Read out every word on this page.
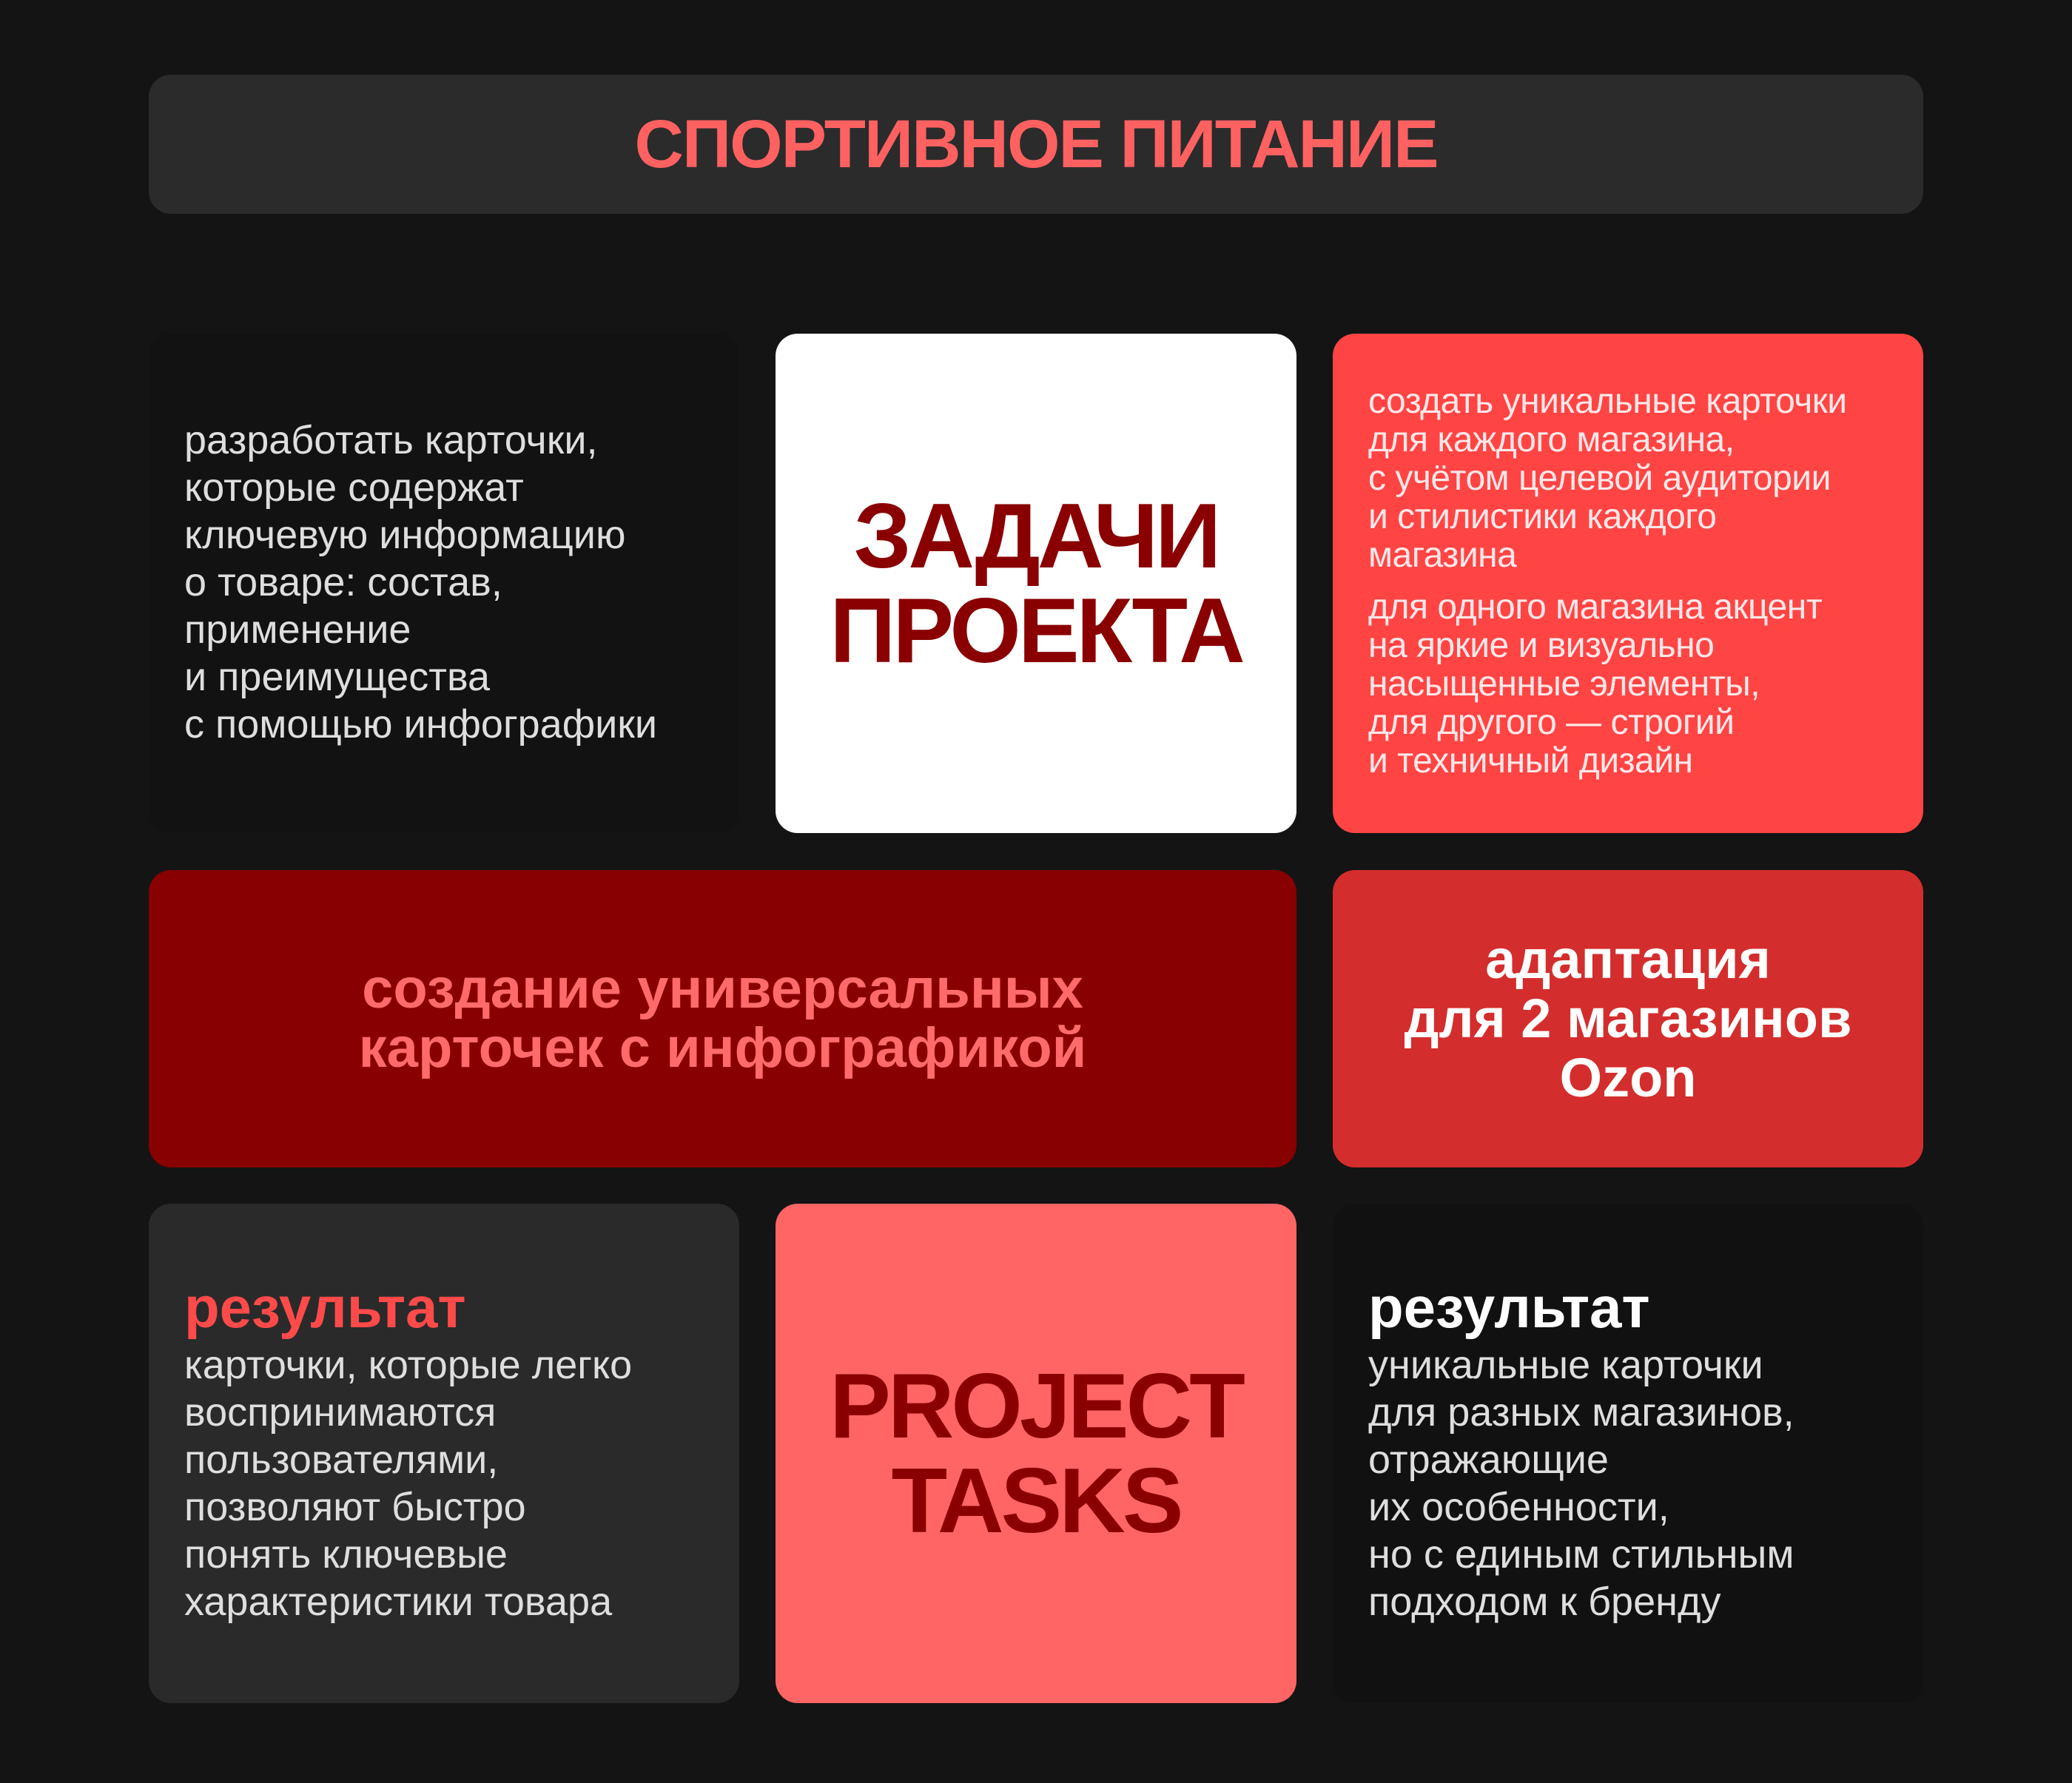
СПОРТИВНОЕ ПИТАНИЕ
разработать карточки,
которые содержат
ключевую информацию
о товаре: состав,
применение
и преимущества
с помощью инфографики
ЗАДАЧИ
ПРОЕКТА
создать уникальные карточки
для каждого магазина,
с учётом целевой аудитории
и стилистики каждого
магазина
для одного магазина акцент
на яркие и визуально
насыщенные элементы,
для другого — строгий
и техничный дизайн
создание универсальных
карточек с инфографикой
адаптация
для 2 магазинов
Ozon
результат
карточки, которые легко
воспринимаются
пользователями,
позволяют быстро
понять ключевые
характеристики товара
PROJECT
TASKS
результат
уникальные карточки
для разных магазинов,
отражающие
их особенности,
но с единым стильным
подходом к бренду
